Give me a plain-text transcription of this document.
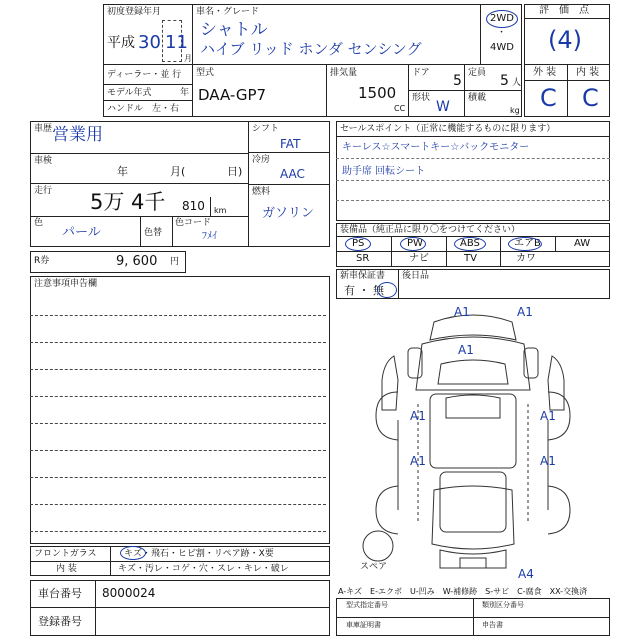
初度登録年月
平成 30 11
月
車名・グレード
シャトル
ハイブ リッド ホンダ センシング
2WD
・
4WD
ディーラー・並 行
モデル年式	年
ハンドル　左・右
型式
DAA-GP7
排気量
1500
CC
ドア 5 定員 5 人
形状
W
積載
kg
評　価　点
(4)
外 装 内 装
C C
車歴 営業用
車検
年	月(	日)
走行 5万 4千 810 km
色
パール	色替
色コード
ﾌﾒｲ
シフト
FAT
冷房
AAC
燃料
ガソリン
R券	9, 600 円
注意事項申告欄
セールスポイント（正常に機能するものに限ります）
キーレス☆スマートキー☆バックモニター
助手席 回転シート
装備品（純正品に限り〇をつけてください）
PS	PW	ABS	エアB	AW
SR	ナビ	TV	カワ
新車保証書
有 ・ 無
後日品
A1	A1
A1
A1	A1
A1	A1
A4
スペア
A-キズ　E-エクボ　U-凹み　W-補修跡　S-サビ　C-腐食　XX-交換済
型式指定番号	類別区分番号
車庫証明書	申告書
フロントガラス	キズ・飛石・ヒビ割・リペア跡・X要
内 装	キズ・汚レ・コゲ・穴・スレ・キレ・破レ
車台番号 8000024
登録番号
